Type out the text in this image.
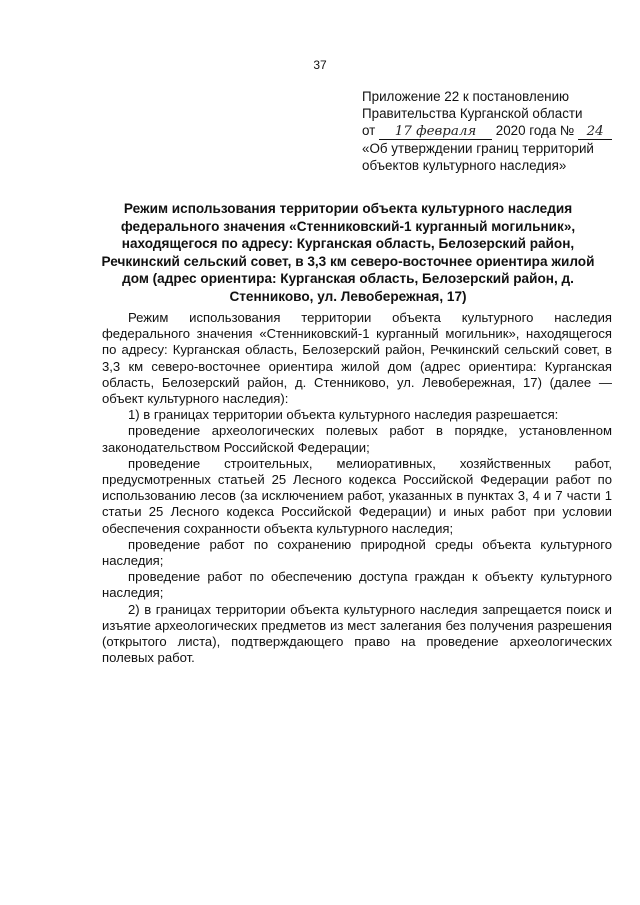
37
Приложение 22 к постановлению
Правительства Курганской области
от 17 февраля 2020 года № 24
«Об утверждении границ территорий
объектов культурного наследия»
Режим использования территории объекта культурного наследия федерального значения «Стенниковский-1 курганный могильник», находящегося по адресу: Курганская область, Белозерский район, Речкинский сельский совет, в 3,3 км северо-восточнее ориентира жилой дом (адрес ориентира: Курганская область, Белозерский район, д. Стенниково, ул. Левобережная, 17)

Режим использования территории объекта культурного наследия федерального значения «Стенниковский-1 курганный могильник», находящегося по адресу: Курганская область, Белозерский район, Речкинский сельский совет, в 3,3 км северо-восточнее ориентира жилой дом (адрес ориентира: Курганская область, Белозерский район, д. Стенниково, ул. Левобережная, 17) (далее — объект культурного наследия):

1) в границах территории объекта культурного наследия разрешается:

проведение археологических полевых работ в порядке, установленном законодательством Российской Федерации;

проведение строительных, мелиоративных, хозяйственных работ, предусмотренных статьей 25 Лесного кодекса Российской Федерации работ по использованию лесов (за исключением работ, указанных в пунктах 3, 4 и 7 части 1 статьи 25 Лесного кодекса Российской Федерации) и иных работ при условии обеспечения сохранности объекта культурного наследия;

проведение работ по сохранению природной среды объекта культурного наследия;

проведение работ по обеспечению доступа граждан к объекту культурного наследия;

2) в границах территории объекта культурного наследия запрещается поиск и изъятие археологических предметов из мест залегания без получения разрешения (открытого листа), подтверждающего право на проведение археологических полевых работ.
